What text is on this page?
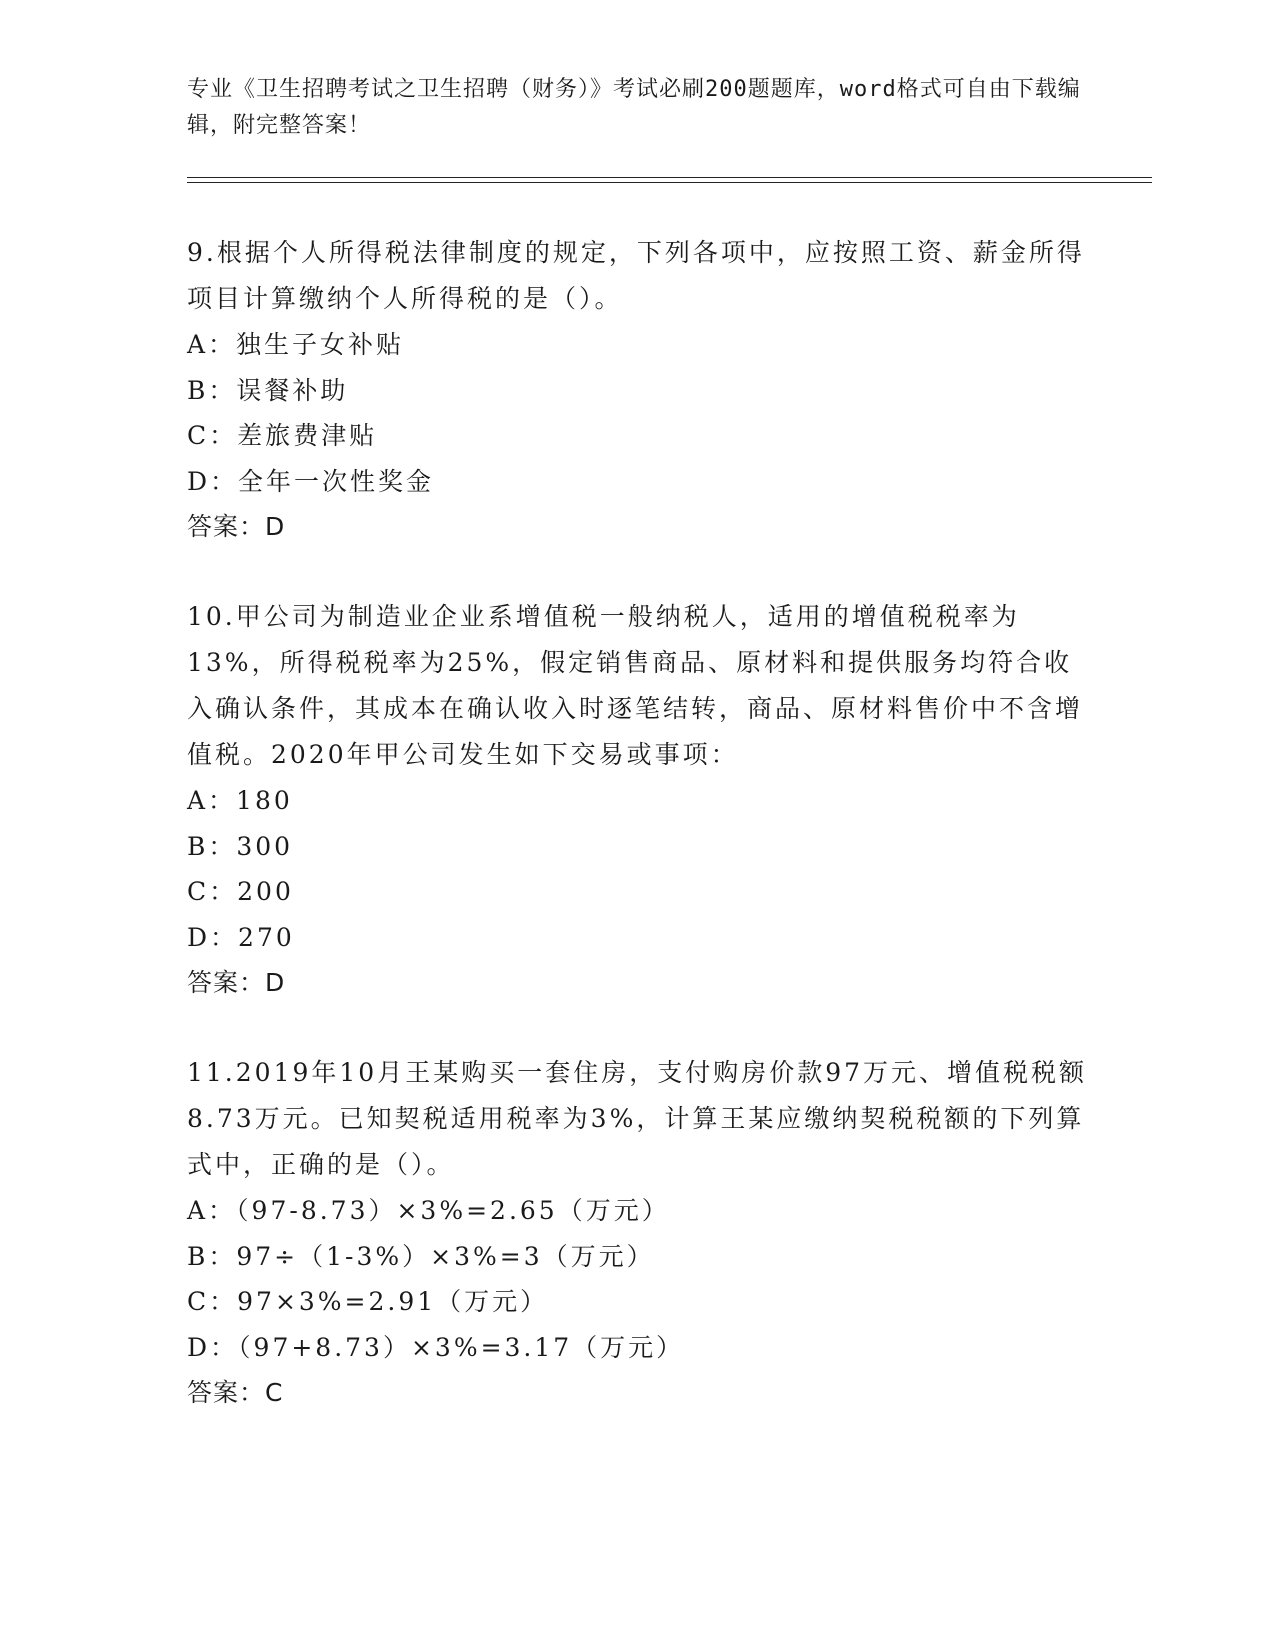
专业《卫生招聘考试之卫生招聘（财务）》考试必刷200题题库，word格式可自由下载编辑，附完整答案！

9.根据个人所得税法律制度的规定，下列各项中，应按照工资、薪金所得项目计算缴纳个人所得税的是（）。

A：独生子女补贴

B：误餐补助

C：差旅费津贴

D：全年一次性奖金

答案：D

10.甲公司为制造业企业系增值税一般纳税人，适用的增值税税率为13%，所得税税率为25%，假定销售商品、原材料和提供服务均符合收入确认条件，其成本在确认收入时逐笔结转，商品、原材料售价中不含增值税。2020年甲公司发生如下交易或事项：

A：180

B：300

C：200

D：270

答案：D

11.2019年10月王某购买一套住房，支付购房价款97万元、增值税税额8.73万元。已知契税适用税率为3%，计算王某应缴纳契税税额的下列算式中，正确的是（）。

A：（97-8.73）×3%=2.65（万元）

B：97÷（1-3%）×3%=3（万元）

C：97×3%=2.91（万元）

D：（97+8.73）×3%=3.17（万元）

答案：C
